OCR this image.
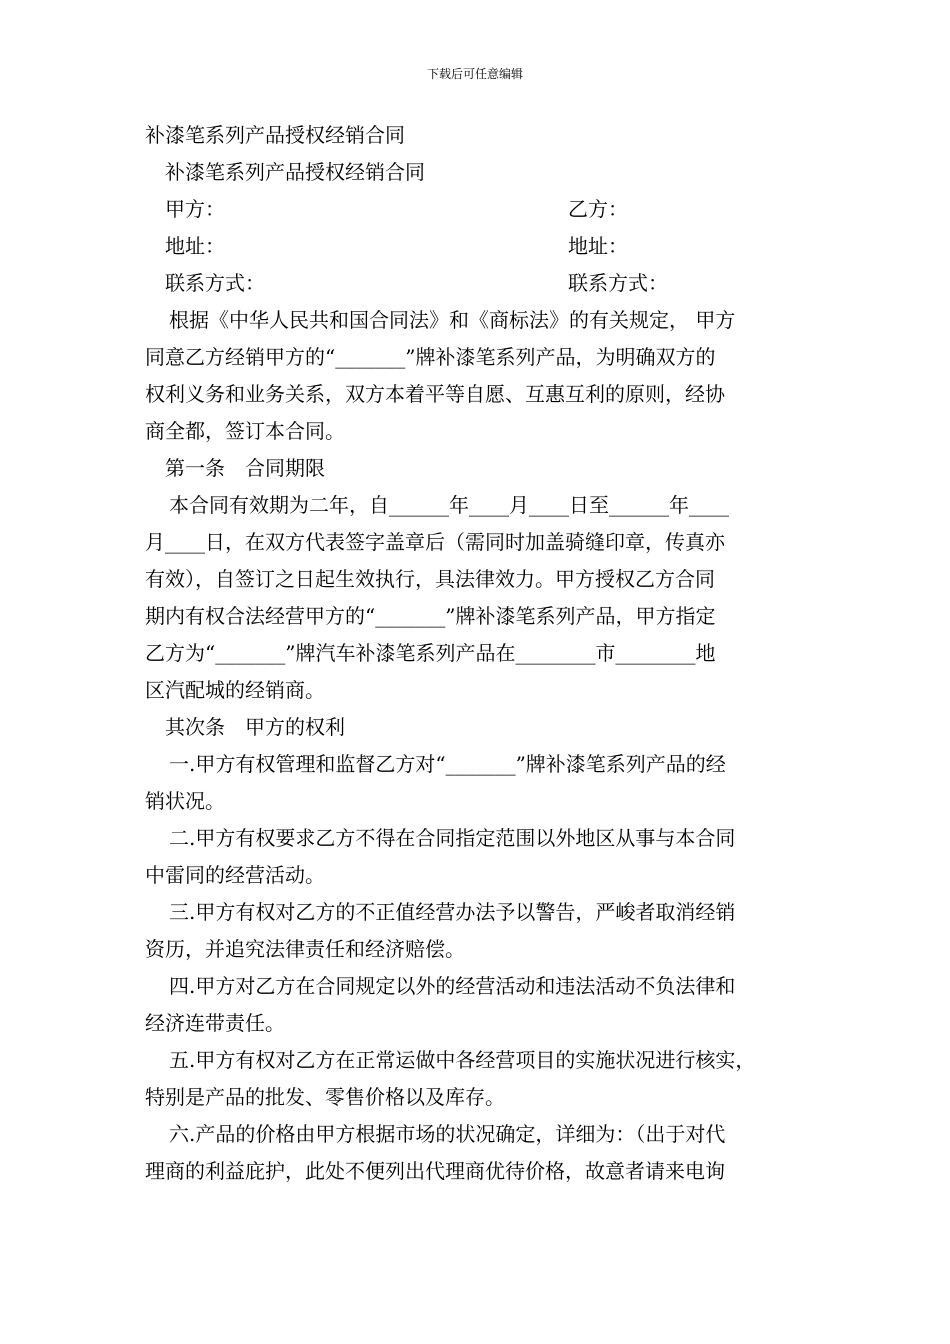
下载后可任意编辑
补漆笔系列产品授权经销合同
补漆笔系列产品授权经销合同
甲方：	乙方：
地址：	地址：
联系方式：	联系方式：
根据《中华人民共和国合同法》和《商标法》的有关规定， 甲方
同意乙方经销甲方的“_______”牌补漆笔系列产品，为明确双方的
权利义务和业务关系，双方本着平等自愿、互惠互利的原则，经协
商全都，签订本合同。
第一条　合同期限
本合同有效期为二年，自______年____月____日至______年____
月____日，在双方代表签字盖章后（需同时加盖骑缝印章，传真亦
有效），自签订之日起生效执行，具法律效力。甲方授权乙方合同
期内有权合法经营甲方的“_______”牌补漆笔系列产品，甲方指定
乙方为“_______”牌汽车补漆笔系列产品在________市________地
区汽配城的经销商。
其次条　甲方的权利
一.甲方有权管理和监督乙方对“_______”牌补漆笔系列产品的经
销状况。
二.甲方有权要求乙方不得在合同指定范围以外地区从事与本合同
中雷同的经营活动。
三.甲方有权对乙方的不正值经营办法予以警告，严峻者取消经销
资历，并追究法律责任和经济赔偿。
四.甲方对乙方在合同规定以外的经营活动和违法活动不负法律和
经济连带责任。
五.甲方有权对乙方在正常运做中各经营项目的实施状况进行核实，
特别是产品的批发、零售价格以及库存。
六.产品的价格由甲方根据市场的状况确定，详细为：（出于对代
理商的利益庇护，此处不便列出代理商优待价格，故意者请来电询
